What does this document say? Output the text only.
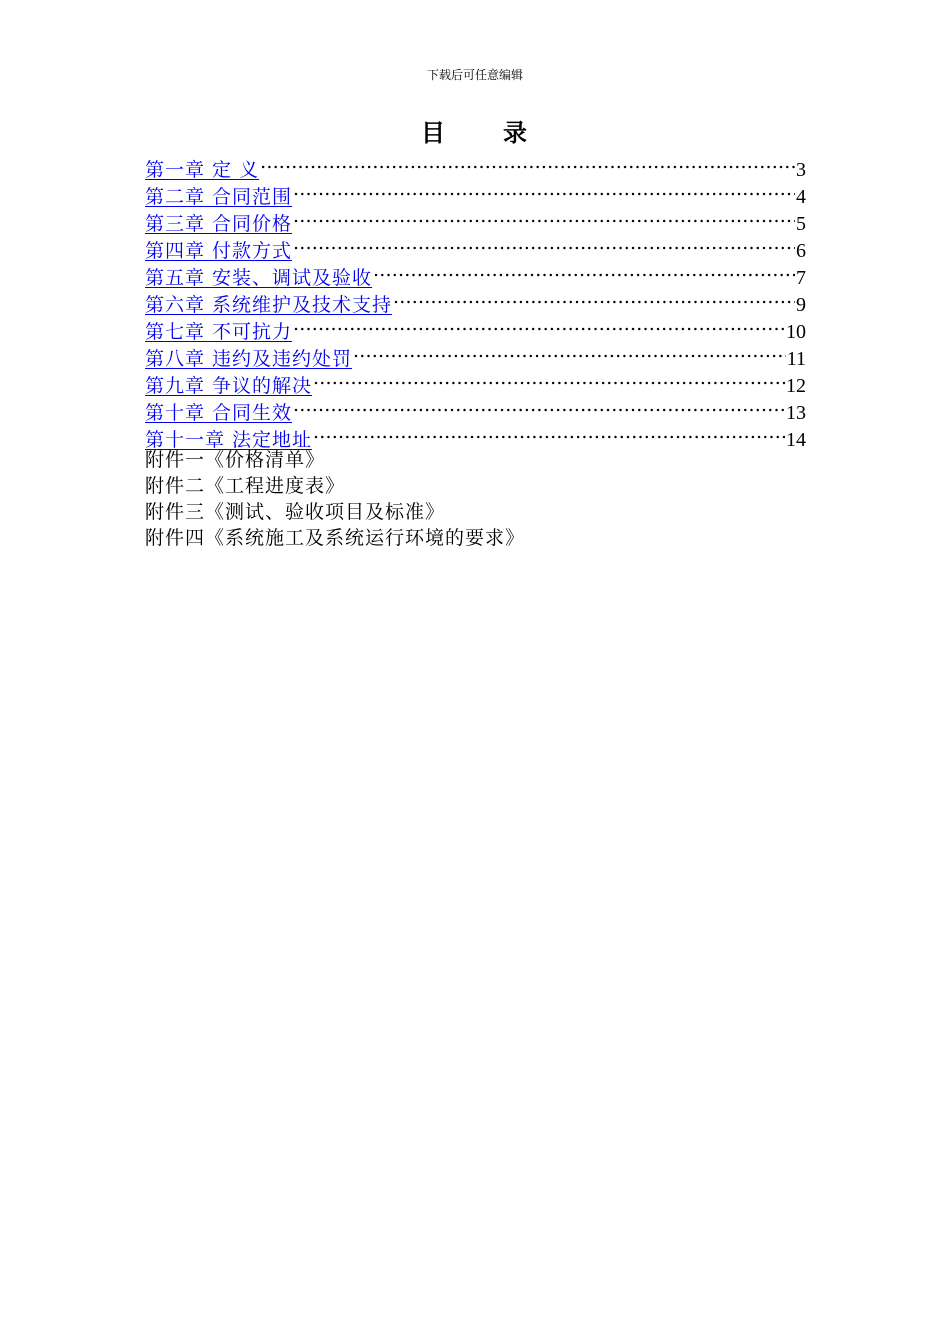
下载后可任意编辑
目 录
第一章 定 义 .....	3
第二章 合同范围 .....	4
第三章 合同价格 .....	5
第四章 付款方式 .....	6
第五章 安装、调试及验收 .....	7
第六章 系统维护及技术支持 .....	9
第七章 不可抗力 .....	10
第八章 违约及违约处罚 .....	11
第九章 争议的解决 .....	12
第十章 合同生效 .....	13
第十一章 法定地址 .....	14
附件一《价格清单》
附件二《工程进度表》
附件三《测试、验收项目及标准》
附件四《系统施工及系统运行环境的要求》
